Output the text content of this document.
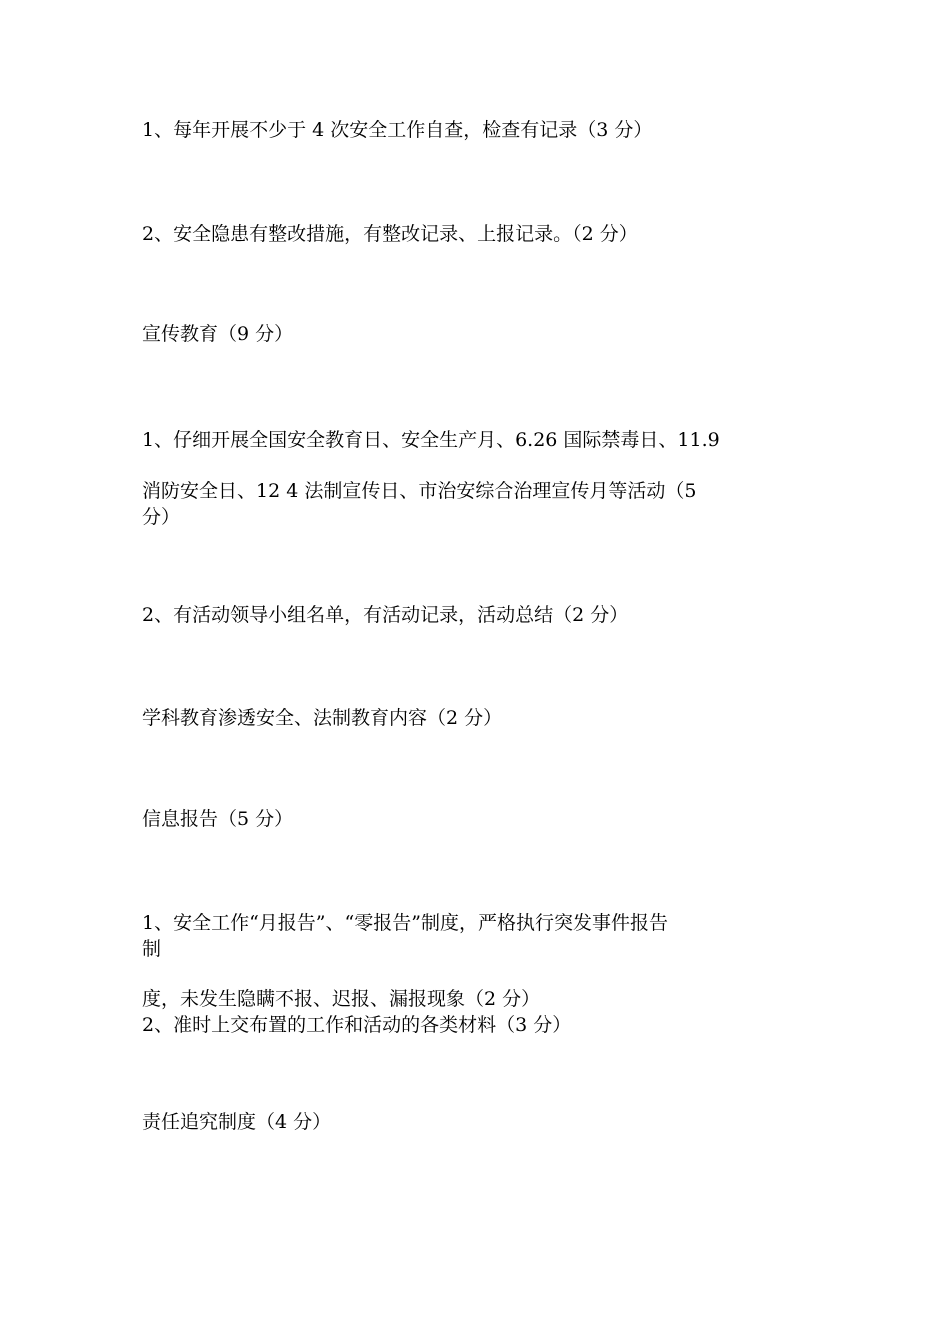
1、每年开展不少于 4 次安全工作自查，检查有记录（3 分）
2、安全隐患有整改措施，有整改记录、上报记录。（2 分）
宣传教育（9 分）
1、仔细开展全国安全教育日、安全生产月、6.26 国际禁毒日、11.9
消防安全日、12 4 法制宣传日、市治安综合治理宣传月等活动（5
分）
2、有活动领导小组名单，有活动记录，活动总结（2 分）
学科教育渗透安全、法制教育内容（2 分）
信息报告（5 分）
1、安全工作“月报告”、“零报告”制度，严格执行突发事件报告
制
度，未发生隐瞒不报、迟报、漏报现象（2 分）
2、准时上交布置的工作和活动的各类材料（3 分）
责任追究制度（4 分）
